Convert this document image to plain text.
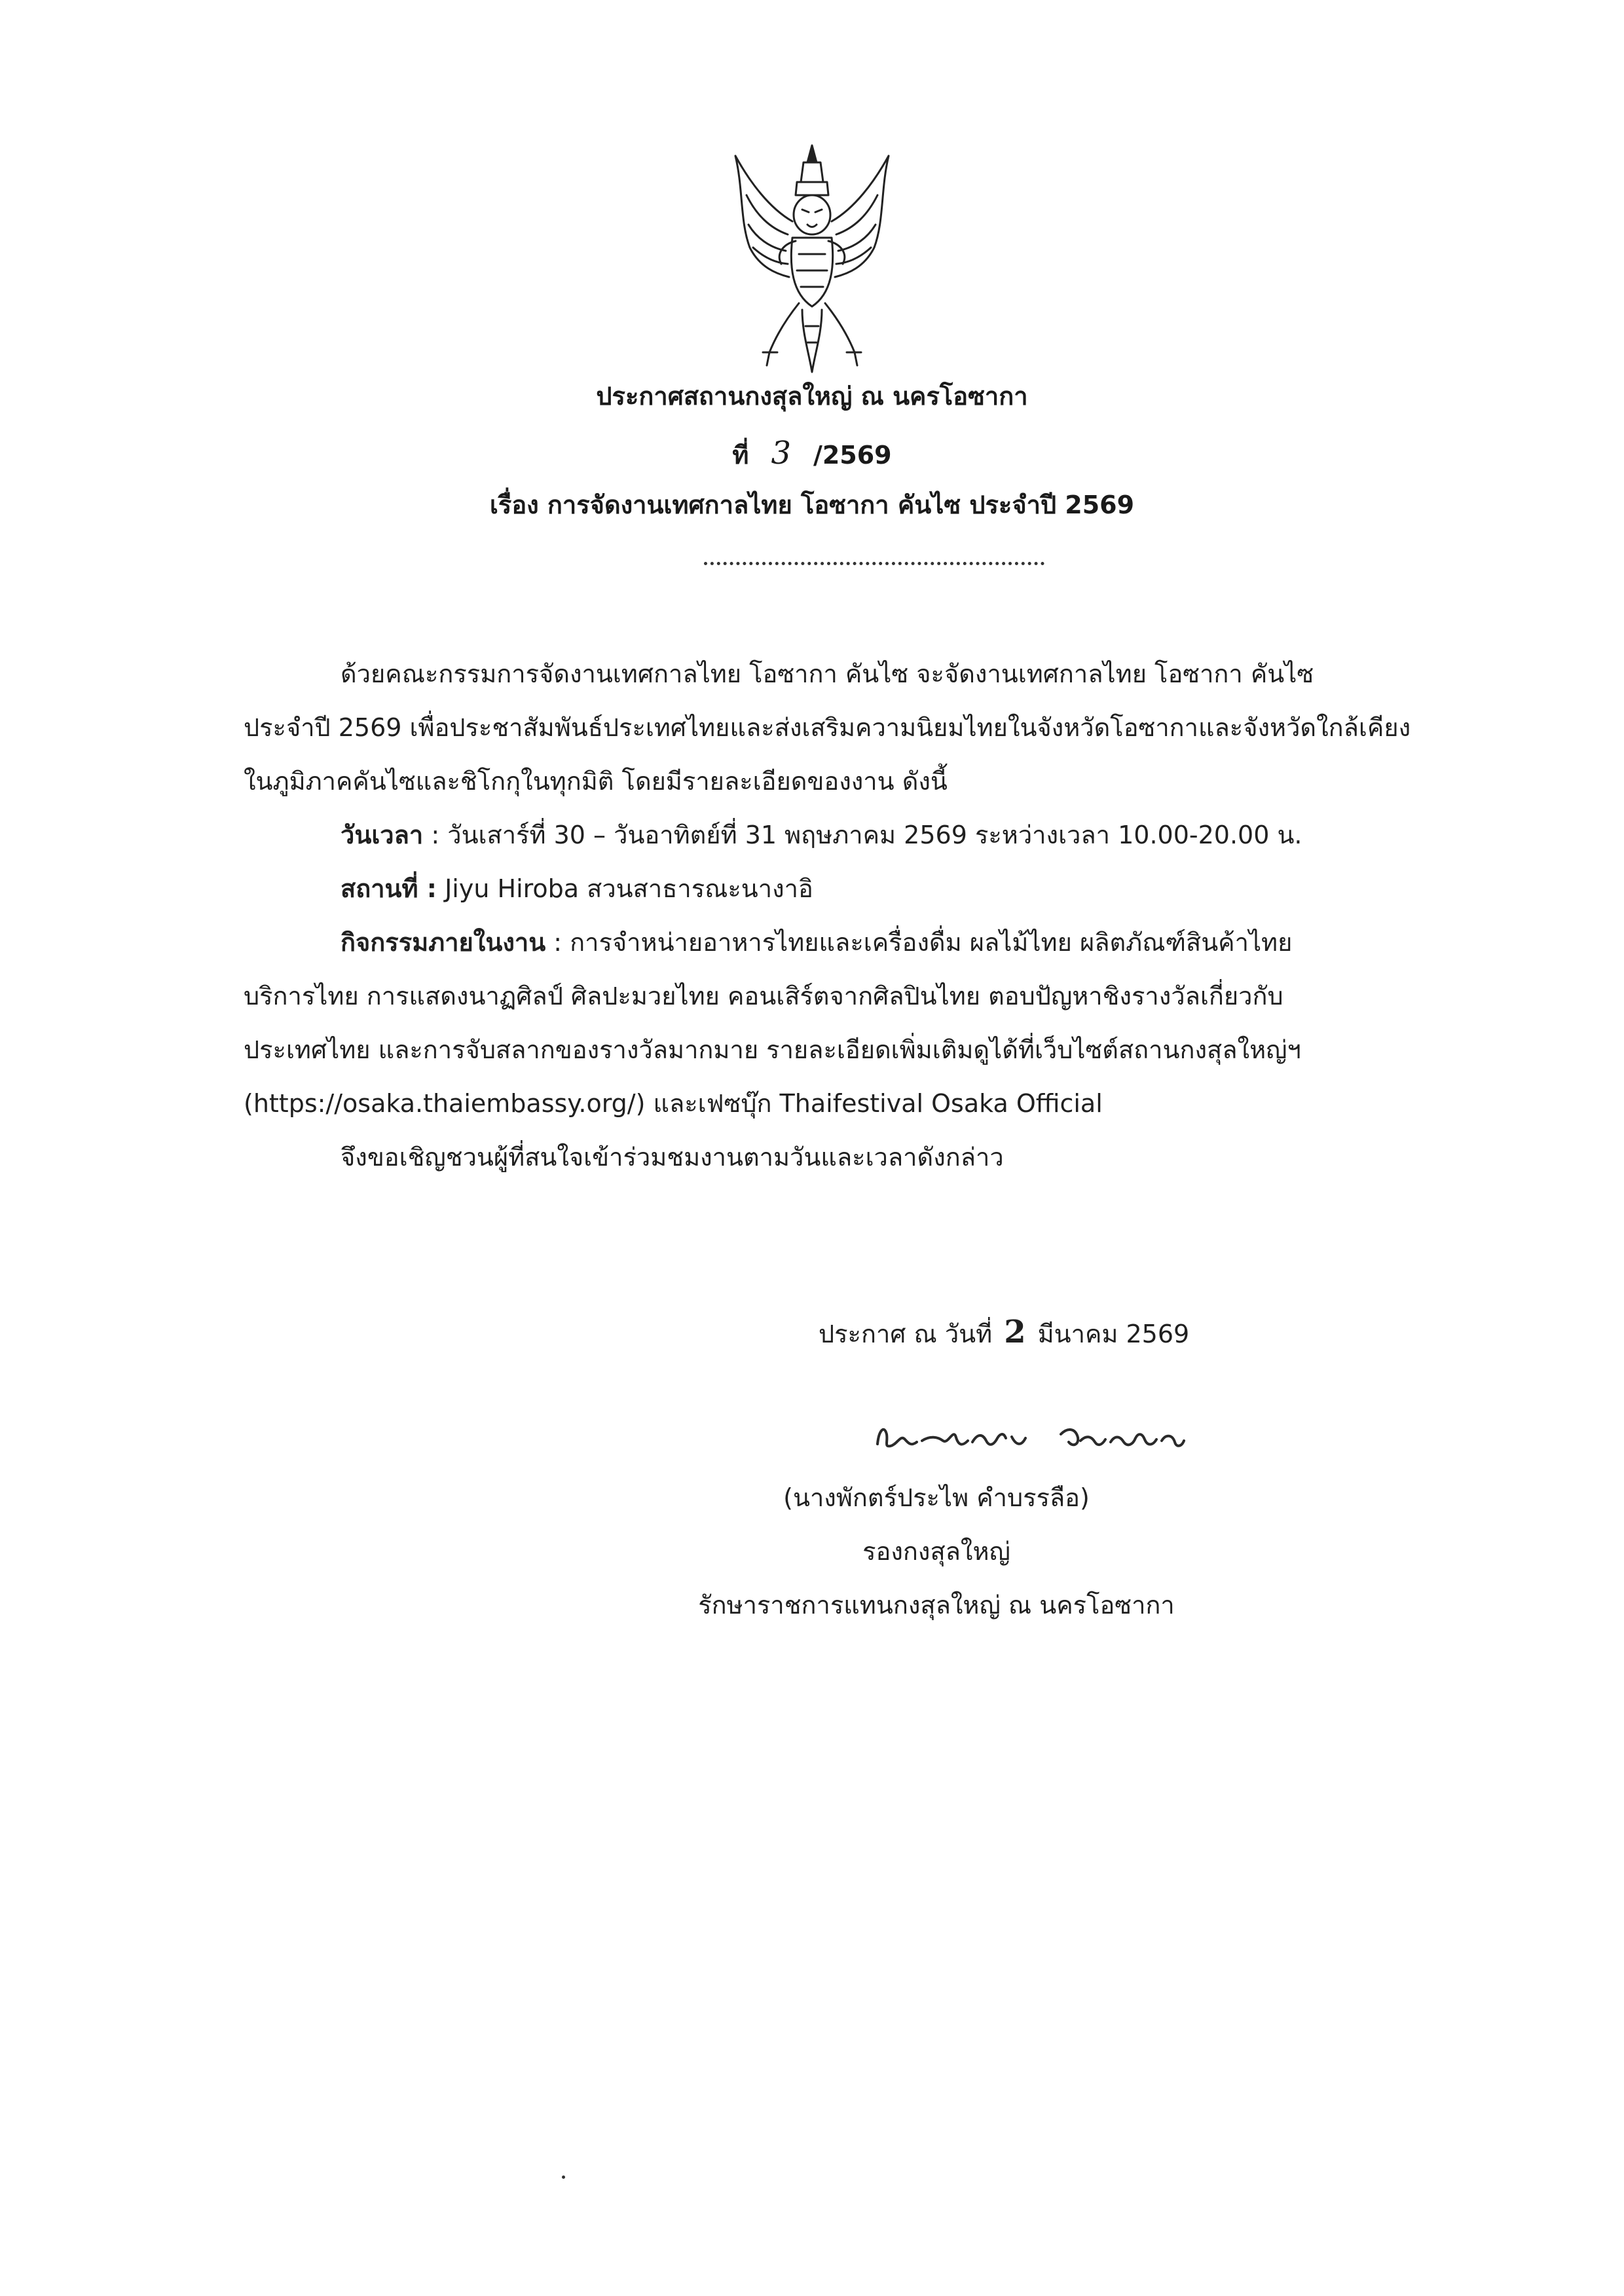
ประกาศสถานกงสุลใหญ่ ณ นครโอซากา
ที่ 3 /2569
เรื่อง การจัดงานเทศกาลไทย โอซากา คันไซ ประจำปี 2569
ด้วยคณะกรรมการจัดงานเทศกาลไทย โอซากา คันไซ จะจัดงานเทศกาลไทย โอซากา คันไซ
ประจำปี 2569 เพื่อประชาสัมพันธ์ประเทศไทยและส่งเสริมความนิยมไทยในจังหวัดโอซากาและจังหวัดใกล้เคียง
ในภูมิภาคคันไซและชิโกกุในทุกมิติ โดยมีรายละเอียดของงาน ดังนี้
วันเวลา : วันเสาร์ที่ 30 – วันอาทิตย์ที่ 31 พฤษภาคม 2569 ระหว่างเวลา 10.00-20.00 น.
สถานที่ : Jiyu Hiroba สวนสาธารณะนางาอิ
กิจกรรมภายในงาน : การจำหน่ายอาหารไทยและเครื่องดื่ม ผลไม้ไทย ผลิตภัณฑ์สินค้าไทย
บริการไทย การแสดงนาฏศิลป์ ศิลปะมวยไทย คอนเสิร์ตจากศิลปินไทย ตอบปัญหาชิงรางวัลเกี่ยวกับ
ประเทศไทย และการจับสลากของรางวัลมากมาย รายละเอียดเพิ่มเติมดูได้ที่เว็บไซต์สถานกงสุลใหญ่ฯ
(https://osaka.thaiembassy.org/) และเฟซบุ๊ก Thaifestival Osaka Official
จึงขอเชิญชวนผู้ที่สนใจเข้าร่วมชมงานตามวันและเวลาดังกล่าว
ประกาศ ณ วันที่ 2 มีนาคม 2569
(นางพักตร์ประไพ คำบรรลือ)
รองกงสุลใหญ่
รักษาราชการแทนกงสุลใหญ่ ณ นครโอซากา
